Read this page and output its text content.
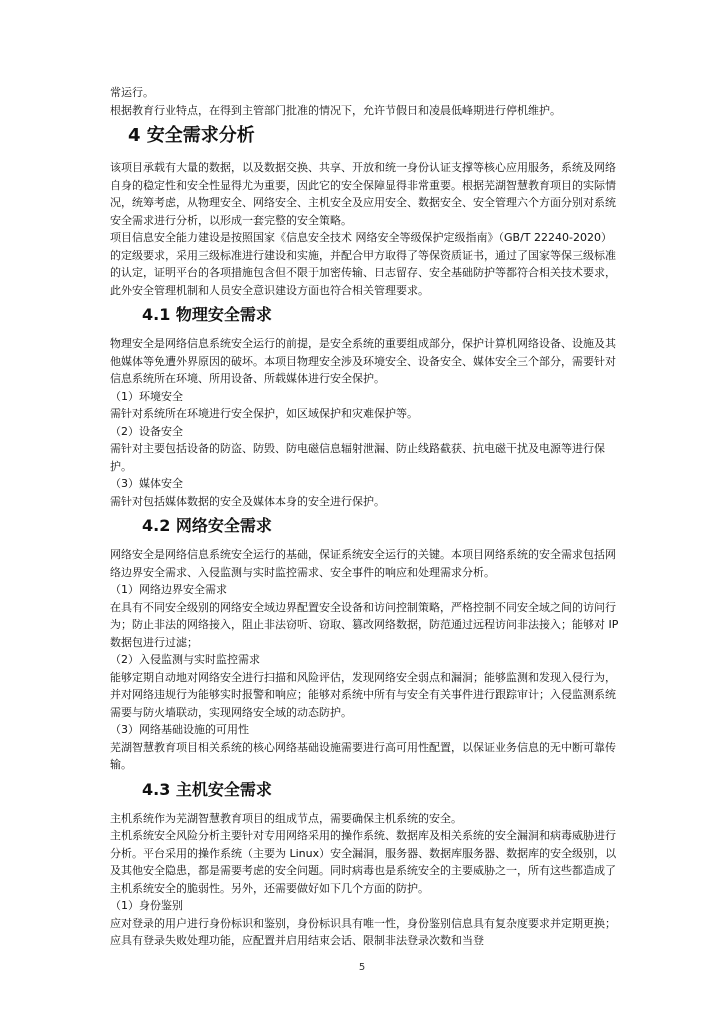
常运行。

根据教育行业特点，在得到主管部门批准的情况下，允许节假日和凌晨低峰期进行停机维护。

4 安全需求分析

该项目承载有大量的数据，以及数据交换、共享、开放和统一身份认证支撑等核心应用服务，系统及网络自身的稳定性和安全性显得尤为重要，因此它的安全保障显得非常重要。根据芜湖智慧教育项目的实际情况，统筹考虑，从物理安全、网络安全、主机安全及应用安全、数据安全、安全管理六个方面分别对系统安全需求进行分析，以形成一套完整的安全策略。

项目信息安全能力建设是按照国家《信息安全技术 网络安全等级保护定级指南》（GB/T 22240-2020）的定级要求，采用三级标准进行建设和实施，并配合甲方取得了等保资质证书，通过了国家等保三级标准的认定，证明平台的各项措施包含但不限于加密传输、日志留存、安全基础防护等都符合相关技术要求，此外安全管理机制和人员安全意识建设方面也符合相关管理要求。

4.1 物理安全需求

物理安全是网络信息系统安全运行的前提，是安全系统的重要组成部分，保护计算机网络设备、设施及其他媒体等免遭外界原因的破坏。本项目物理安全涉及环境安全、设备安全、媒体安全三个部分，需要针对信息系统所在环境、所用设备、所载媒体进行安全保护。

（1）环境安全

需针对系统所在环境进行安全保护，如区域保护和灾难保护等。

（2）设备安全

需针对主要包括设备的防盗、防毁、防电磁信息辐射泄漏、防止线路截获、抗电磁干扰及电源等进行保护。

（3）媒体安全

需针对包括媒体数据的安全及媒体本身的安全进行保护。

4.2 网络安全需求

网络安全是网络信息系统安全运行的基础，保证系统安全运行的关键。本项目网络系统的安全需求包括网络边界安全需求、入侵监测与实时监控需求、安全事件的响应和处理需求分析。

（1）网络边界安全需求

在具有不同安全级别的网络安全域边界配置安全设备和访问控制策略，严格控制不同安全域之间的访问行为；防止非法的网络接入，阻止非法窃听、窃取、篡改网络数据，防范通过远程访问非法接入；能够对 IP 数据包进行过滤；

（2）入侵监测与实时监控需求

能够定期自动地对网络安全进行扫描和风险评估，发现网络安全弱点和漏洞；能够监测和发现入侵行为，并对网络违规行为能够实时报警和响应；能够对系统中所有与安全有关事件进行跟踪审计；入侵监测系统需要与防火墙联动，实现网络安全域的动态防护。

（3）网络基础设施的可用性

芜湖智慧教育项目相关系统的核心网络基础设施需要进行高可用性配置，以保证业务信息的无中断可靠传输。

4.3 主机安全需求

主机系统作为芜湖智慧教育项目的组成节点，需要确保主机系统的安全。

主机系统安全风险分析主要针对专用网络采用的操作系统、数据库及相关系统的安全漏洞和病毒威胁进行分析。平台采用的操作系统（主要为 Linux）安全漏洞，服务器、数据库服务器、数据库的安全级别，以及其他安全隐患，都是需要考虑的安全问题。同时病毒也是系统安全的主要威胁之一，所有这些都造成了主机系统安全的脆弱性。另外，还需要做好如下几个方面的防护。

（1）身份鉴别

应对登录的用户进行身份标识和鉴别，身份标识具有唯一性，身份鉴别信息具有复杂度要求并定期更换；应具有登录失败处理功能，应配置并启用结束会话、限制非法登录次数和当登

5
